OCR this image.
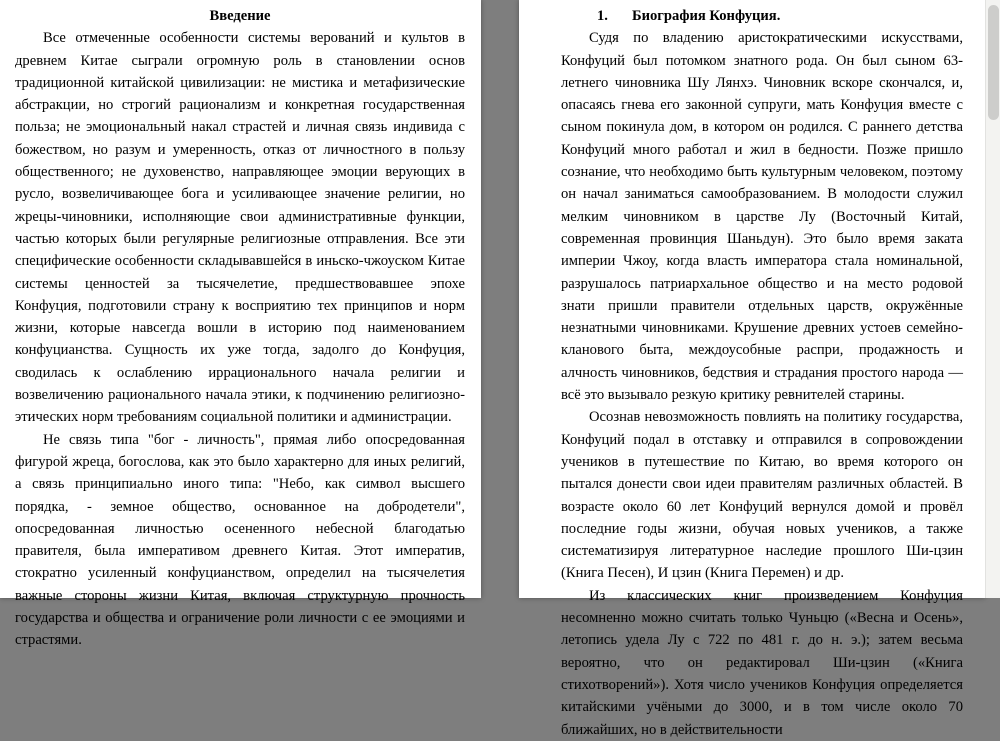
Введение

Все отмеченные особенности системы верований и культов в древнем Китае сыграли огромную роль в становлении основ традиционной китайской цивилизации: не мистика и метафизические абстракции, но строгий рационализм и конкретная государственная польза; не эмоциональный накал страстей и личная связь индивида с божеством, но разум и умеренность, отказ от личностного в пользу общественного; не духовенство, направляющее эмоции верующих в русло, возвеличивающее бога и усиливающее значение религии, но жрецы-чиновники, исполняющие свои административные функции, частью которых были регулярные религиозные отправления. Все эти специфические особенности складывавшейся в иньско-чжоуском Китае системы ценностей за тысячелетие, предшествовавшее эпохе Конфуция, подготовили страну к восприятию тех принципов и норм жизни, которые навсегда вошли в историю под наименованием конфуцианства. Сущность их уже тогда, задолго до Конфуция, сводилась к ослаблению иррационального начала религии и возвеличению рационального начала этики, к подчинению религиозно-этических норм требованиям социальной политики и администрации.

Не связь типа "бог - личность", прямая либо опосредованная фигурой жреца, богослова, как это было характерно для иных религий, а связь принципиально иного типа: "Небо, как символ высшего порядка, - земное общество, основанное на добродетели", опосредованная личностью осененного небесной благодатью правителя, была императивом древнего Китая. Этот императив, стократно усиленный конфуцианством, определил на тысячелетия важные стороны жизни Китая, включая структурную прочность государства и общества и ограничение роли личности с ее эмоциями и страстями.

1. Биография Конфуция.

Судя по владению аристократическими искусствами, Конфуций был потомком знатного рода. Он был сыном 63-летнего чиновника Шу Лянхэ. Чиновник вскоре скончался, и, опасаясь гнева его законной супруги, мать Конфуция вместе с сыном покинула дом, в котором он родился. С раннего детства Конфуций много работал и жил в бедности. Позже пришло сознание, что необходимо быть культурным человеком, поэтому он начал заниматься самообразованием. В молодости служил мелким чиновником в царстве Лу (Восточный Китай, современная провинция Шаньдун). Это было время заката империи Чжоу, когда власть императора стала номинальной, разрушалось патриархальное общество и на место родовой знати пришли правители отдельных царств, окружённые незнатными чиновниками. Крушение древних устоев семейно-кланового быта, междоусобные распри, продажность и алчность чиновников, бедствия и страдания простого народа — всё это вызывало резкую критику ревнителей старины.

Осознав невозможность повлиять на политику государства, Конфуций подал в отставку и отправился в сопровождении учеников в путешествие по Китаю, во время которого он пытался донести свои идеи правителям различных областей. В возрасте около 60 лет Конфуций вернулся домой и провёл последние годы жизни, обучая новых учеников, а также систематизируя литературное наследие прошлого Ши-цзин (Книга Песен), И цзин (Книга Перемен) и др.

Из классических книг произведением Конфуция несомненно можно считать только Чуньцю («Весна и Осень», летопись удела Лу с 722 по 481 г. до н. э.); затем весьма вероятно, что он редактировал Ши-цзин («Книга стихотворений»). Хотя число учеников Конфуция определяется китайскими учёными до 3000, и в том числе около 70 ближайших, но в действительности
